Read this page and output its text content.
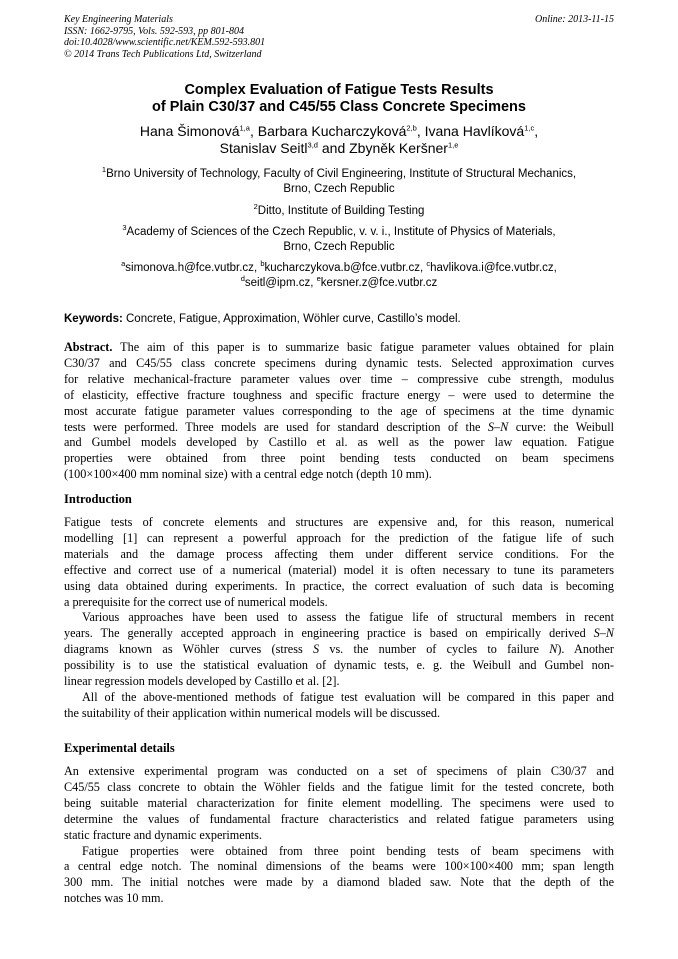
Key Engineering Materials
ISSN: 1662-9795, Vols. 592-593, pp 801-804
doi:10.4028/www.scientific.net/KEM.592-593.801
© 2014 Trans Tech Publications Ltd, Switzerland
Online: 2013-11-15
Complex Evaluation of Fatigue Tests Results
of Plain C30/37 and C45/55 Class Concrete Specimens
Hana Šimonová$^{1,a}$, Barbara Kucharczyková$^{2,b}$, Ivana Havlíková$^{1,c}$,
Stanislav Seitl$^{3,d}$ and Zbyněk Keršner$^{1,e}$
$^1$Brno University of Technology, Faculty of Civil Engineering, Institute of Structural Mechanics,
Brno, Czech Republic
$^2$Ditto, Institute of Building Testing
$^3$Academy of Sciences of the Czech Republic, v. v. i., Institute of Physics of Materials,
Brno, Czech Republic
$^a$simonova.h@fce.vutbr.cz, $^b$kucharczykova.b@fce.vutbr.cz, $^c$havlikova.i@fce.vutbr.cz,
$^d$seitl@ipm.cz, $^e$kersner.z@fce.vutbr.cz
Keywords: Concrete, Fatigue, Approximation, Wöhler curve, Castillo’s model.
Abstract. The aim of this paper is to summarize basic fatigue parameter values obtained for plain
C30/37 and C45/55 class concrete specimens during dynamic tests. Selected approximation curves
for relative mechanical-fracture parameter values over time – compressive cube strength, modulus
of elasticity, effective fracture toughness and specific fracture energy – were used to determine the
most accurate fatigue parameter values corresponding to the age of specimens at the time dynamic
tests were performed. Three models are used for standard description of the S–N curve: the Weibull
and Gumbel models developed by Castillo et al. as well as the power law equation. Fatigue
properties were obtained from three point bending tests conducted on beam specimens
(100×100×400 mm nominal size) with a central edge notch (depth 10 mm).
Introduction
Fatigue tests of concrete elements and structures are expensive and, for this reason, numerical
modelling [1] can represent a powerful approach for the prediction of the fatigue life of such
materials and the damage process affecting them under different service conditions. For the
effective and correct use of a numerical (material) model it is often necessary to tune its parameters
using data obtained during experiments. In practice, the correct evaluation of such data is becoming
a prerequisite for the correct use of numerical models.
Various approaches have been used to assess the fatigue life of structural members in recent
years. The generally accepted approach in engineering practice is based on empirically derived S–N
diagrams known as Wöhler curves (stress S vs. the number of cycles to failure N). Another
possibility is to use the statistical evaluation of dynamic tests, e. g. the Weibull and Gumbel non-
linear regression models developed by Castillo et al. [2].
All of the above-mentioned methods of fatigue test evaluation will be compared in this paper and
the suitability of their application within numerical models will be discussed.
Experimental details
An extensive experimental program was conducted on a set of specimens of plain C30/37 and
C45/55 class concrete to obtain the Wöhler fields and the fatigue limit for the tested concrete, both
being suitable material characterization for finite element modelling. The specimens were used to
determine the values of fundamental fracture characteristics and related fatigue parameters using
static fracture and dynamic experiments.
Fatigue properties were obtained from three point bending tests of beam specimens with
a central edge notch. The nominal dimensions of the beams were 100×100×400 mm; span length
300 mm. The initial notches were made by a diamond bladed saw. Note that the depth of the
notches was 10 mm.
